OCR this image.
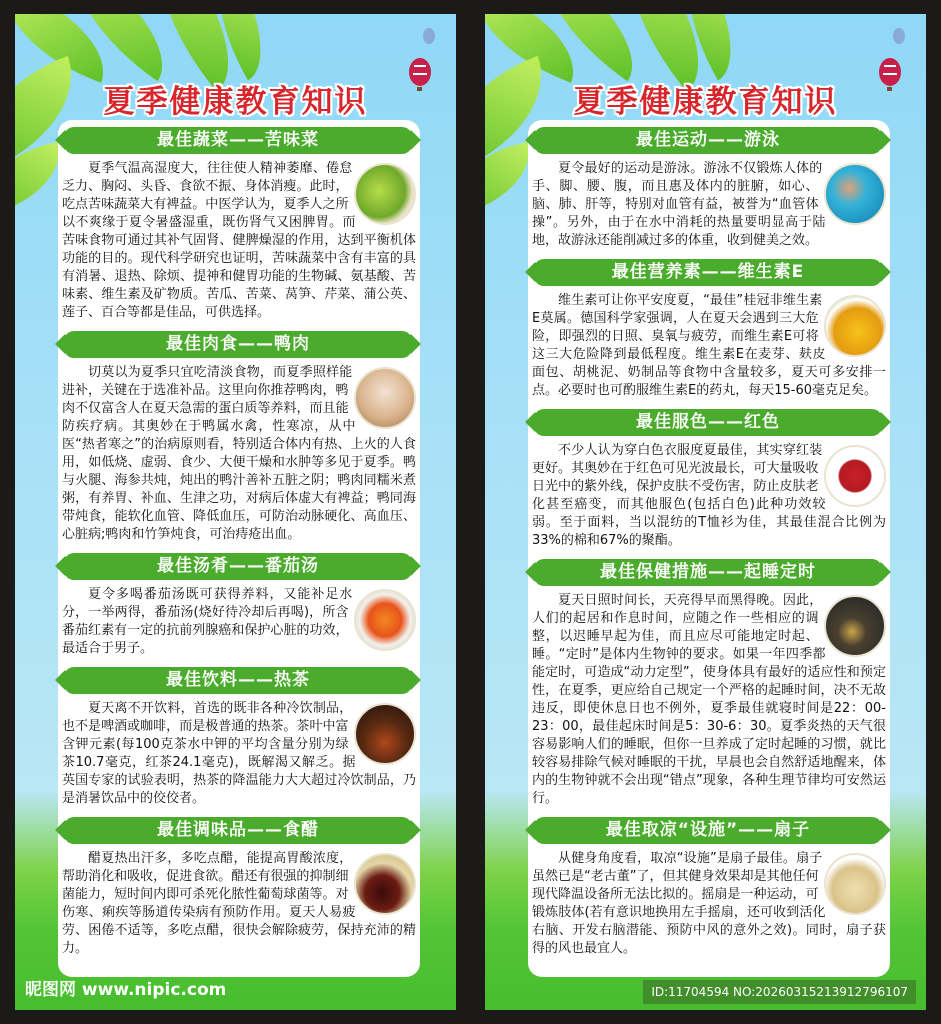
夏季健康教育知识
最佳蔬菜——苦味菜
夏季气温高湿度大，往往使人精神萎靡、倦怠乏力、胸闷、头昏、食欲不振、身体消瘦。此时，吃点苦味蔬菜大有裨益。中医学认为，夏季人之所以不爽缘于夏令暑盛湿重，既伤肾气又困脾胃。而苦味食物可通过其补气固肾、健脾燥湿的作用，达到平衡机体功能的目的。现代科学研究也证明，苦味蔬菜中含有丰富的具有消暑、退热、除烦、提神和健胃功能的生物碱、氨基酸、苦味素、维生素及矿物质。苦瓜、苦菜、莴笋、芹菜、蒲公英、莲子、百合等都是佳品，可供选择。
最佳肉食——鸭肉
切莫以为夏季只宜吃清淡食物，而夏季照样能进补，关键在于选准补品。这里向你推荐鸭肉，鸭肉不仅富含人在夏天急需的蛋白质等养料，而且能防疾疗病。其奥妙在于鸭属水禽，性寒凉，从中医“热者寒之”的治病原则看，特别适合体内有热、上火的人食用，如低烧、虚弱、食少、大便干燥和水肿等多见于夏季。鸭与火腿、海参共炖，炖出的鸭汁善补五脏之阴；鸭肉同糯米煮粥，有养胃、补血、生津之功，对病后体虚大有裨益；鸭同海带炖食，能软化血管、降低血压，可防治动脉硬化、高血压、心脏病;鸭肉和竹笋炖食，可治痔疮出血。
最佳汤肴——番茄汤
夏令多喝番茄汤既可获得养料，又能补足水分，一举两得，番茄汤(烧好待冷却后再喝)，所含番茄红素有一定的抗前列腺癌和保护心脏的功效，最适合于男子。
最佳饮料——热茶
夏天离不开饮料，首选的既非各种冷饮制品，也不是啤酒或咖啡，而是极普通的热茶。茶叶中富含钾元素(每100克茶水中钾的平均含量分别为绿茶10.7毫克，红茶24.1毫克)，既解渴又解乏。据英国专家的试验表明，热茶的降温能力大大超过冷饮制品，乃是消暑饮品中的佼佼者。
最佳调味品——食醋
醋夏热出汗多，多吃点醋，能提高胃酸浓度，帮助消化和吸收，促进食欲。醋还有很强的抑制细菌能力，短时间内即可杀死化脓性葡萄球菌等。对伤寒、痢疾等肠道传染病有预防作用。夏天人易疲劳、困倦不适等，多吃点醋，很快会解除疲劳，保持充沛的精力。
昵图网 www.nipic.com
夏季健康教育知识
最佳运动——游泳
夏令最好的运动是游泳。游泳不仅锻炼人体的手、脚、腰、腹，而且惠及体内的脏腑，如心、脑、肺、肝等，特别对血管有益，被誉为“血管体操”。另外，由于在水中消耗的热量要明显高于陆地，故游泳还能削减过多的体重，收到健美之效。
最佳营养素——维生素E
维生素可让你平安度夏，“最佳”桂冠非维生素E莫属。德国科学家强调，人在夏天会遇到三大危险，即强烈的日照、臭氧与疲劳，而维生素E可将这三大危险降到最低程度。维生素E在麦芽、麸皮面包、胡桃泥、奶制品等食物中含量较多，夏天可多安排一点。必要时也可酌服维生素E的药丸，每天15-60毫克足矣。
最佳服色——红色
不少人认为穿白色衣服度夏最佳，其实穿红装更好。其奥妙在于红色可见光波最长，可大量吸收日光中的紫外线，保护皮肤不受伤害，防止皮肤老化甚至癌变，而其他服色(包括白色)此种功效较弱。至于面料，当以混纺的T恤衫为佳，其最佳混合比例为33%的棉和67%的聚酯。
最佳保健措施——起睡定时
夏天日照时间长，天亮得早而黑得晚。因此，人们的起居和作息时间，应随之作一些相应的调整，以迟睡早起为佳，而且应尽可能地定时起、睡。“定时”是体内生物钟的要求。如果一年四季都能定时，可造成“动力定型”，使身体具有最好的适应性和预定性，在夏季，更应给自己规定一个严格的起睡时间，决不无故违反，即使休息日也不例外，夏季最佳就寝时间是22：00-23：00，最佳起床时间是5：30-6：30。夏季炎热的天气很容易影响人们的睡眠，但你一旦养成了定时起睡的习惯，就比较容易排除气候对睡眠的干扰，早晨也会自然舒适地醒来，体内的生物钟就不会出现“错点”现象，各种生理节律均可安然运行。
最佳取凉“设施”——扇子
从健身角度看，取凉“设施”是扇子最佳。扇子虽然已是“老古董”了，但其健身效果却是其他任何现代降温设备所无法比拟的。摇扇是一种运动，可锻炼肢体(若有意识地换用左手摇扇，还可收到活化右脑、开发右脑潜能、预防中风的意外之效)。同时，扇子获得的风也最宜人。
ID:11704594 NO:20260315213912796107
